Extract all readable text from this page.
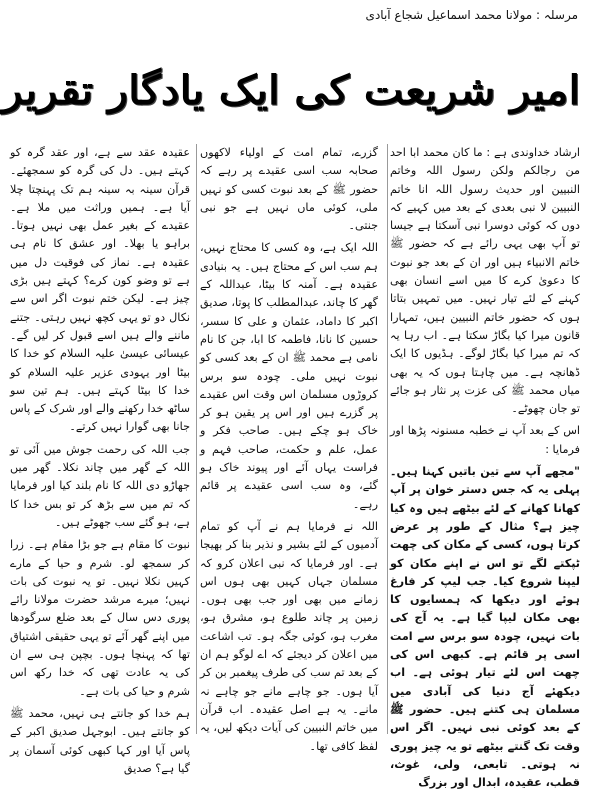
مرسلہ : مولانا محمد اسماعیل شجاع آبادی
امیر شریعت کی ایک یادگار تقریر

ارشاد خداوندی ہے : ما کان محمد ابا احد من رجالکم ولکن رسول اللہ وخاتم النبیین اور حدیث رسول اللہ انا خاتم النبیین لا نبی بعدی کے بعد میں کہیے کہ دوں کہ کوئی دوسرا نبی آسکتا ہے جیسا تو آپ بھی یہی رائے ہے کہ حضور ﷺ خاتم الانبیاء ہیں اور ان کے بعد جو نبوت کا دعویٰ کرے کا میں اسے انسان بھی کہنے کے لئے تیار نہیں۔ میں تمہیں بتاتا ہوں کہ حضور خاتم النبیین ہیں، تمہارا قانون میرا کیا بگاڑ سکتا ہے۔ اب رہا یہ کہ تم میرا کیا بگاڑ لوگے۔ ہڈیوں کا ایک ڈھانچہ ہے۔ میں چاہتا ہوں کہ یہ بھی میاں محمد ﷺ کی عزت پر نثار ہو جائے تو جان چھوٹے۔

اس کے بعد آپ نے خطبہ مسنونہ پڑھا اور فرمایا :

"مجھے آپ سے تین باتیں کہنا ہیں۔ پہلی یہ کہ جس دستر خوان پر آپ کھانا کھانے کے لئے بیٹھے ہیں وہ کیا چیز ہے؟ مثال کے طور پر عرض کرتا ہوں، کسی کے مکان کی چھت ٹپکتے لگے تو اس نے اپنے مکان کو لیپنا شروع کیا۔ جب لیپ کر فارغ ہوئے اور دیکھا کہ ہمسایوں کا بھی مکان لیپا گیا ہے۔ یہ آج کی بات نہیں، چودہ سو برس سے امت اسی پر قائم ہے۔ کبھی اس کی چھت اس لئے تیار ہوئی ہے۔ اب دیکھئے آج دنیا کی آبادی میں مسلمان ہی کتنے ہیں۔ حضور ﷺ کے بعد کوئی نبی نہیں۔ اگر اس وقت تک گنتے بیٹھے تو یہ چیز پوری نہ ہوتی۔ تابعی، ولی، غوث، قطب، عقیدہ، ابدال اور بزرگ

گزرے، تمام امت کے اولیاء لاکھوں صحابہ سب اسی عقیدے پر رہے کہ حضور ﷺ کے بعد نبوت کسی کو نہیں ملی، کوئی ماں نہیں ہے جو نبی جنتی۔

اللہ ایک ہے، وہ کسی کا محتاج نہیں، ہم سب اس کے محتاج ہیں۔ یہ بنیادی عقیدہ ہے۔ آمنہ کا بیٹا، عبداللہ کے گھر کا چاند، عبدالمطلب کا پوتا، صدیق اکبر کا داماد، عثمان و علی کا سسر، حسین کا نانا، فاطمہ کا ابا، جن کا نام نامی ہے محمد ﷺ ان کے بعد کسی کو نبوت نہیں ملی۔ چودہ سو برس کروڑوں مسلمان اس وقت اس عقیدے پر گزرے ہیں اور اس پر یقین ہو کر خاک ہو چکے ہیں۔ صاحب فکر و عمل، علم و حکمت، صاحب فہم و فراست یہاں آئے اور پیوند خاک ہو گئے، وہ سب اسی عقیدے پر قائم رہے۔

اللہ نے فرمایا ہم نے آپ کو تمام آدمیوں کے لئے بشیر و نذیر بنا کر بھیجا ہے۔ اور فرمایا کہ نبی اعلان کرو کہ مسلمان جہاں کہیں بھی ہوں اس زمانے میں بھی اور جب بھی ہوں۔ زمین پر چاند طلوع ہو، مشرق ہو، مغرب ہو، کوئی جگہ ہو۔ تب اشاعت میں اعلان کر دیجئے کہ اے لوگو ہم ان کے بعد تم سب کی طرف پیغمبر بن کر آیا ہوں۔ جو چاہے مانے جو چاہے نہ مانے۔ یہ ہے اصل عقیدہ۔ اب قرآن میں خاتم النبیین کی آیات دیکھ لیں، یہ لفظ کافی تھا۔

عقیدہ عقد سے ہے، اور عقد گرہ کو کہتے ہیں۔ دل کی گرہ کو سمجھئے۔ قرآن سینہ بہ سینہ ہم تک پہنچتا چلا آیا ہے۔ ہمیں وراثت میں ملا ہے۔ عقیدے کے بغیر عمل بھی نہیں ہوتا۔ براہو یا بھلا۔ اور عشق کا نام ہی عقیدہ ہے۔ نماز کی فوقیت دل میں ہے تو وضو کون کرے؟ کہتے ہیں بڑی چیز ہے۔ لیکن ختم نبوت اگر اس سے نکال دو تو یہی کچھ نہیں رہتی۔ جتنے ماننے والے ہیں اسے قبول کر لیں گے۔ عیسائی عیسیٰ علیہ السلام کو خدا کا بیٹا اور یہودی عزیر علیہ السلام کو خدا کا بیٹا کہتے ہیں۔ ہم تین سو ساٹھ خدا رکھنے والے اور شرک کے پاس جانا بھی گوارا نہیں کرتے۔

جب اللہ کی رحمت جوش میں آئی تو اللہ کے گھر میں چاند نکلا۔ گھر میں جھاڑو دی اللہ کا نام بلند کیا اور فرمایا کہ تم میں سے بڑھ کر تو بس خدا کا ہے، ہو گئے سب جھوٹے ہیں۔

نبوت کا مقام ہے جو بڑا مقام ہے۔ زرا کر سمجھ لو۔ شرم و حیا کے مارے کہیں نکلا نہیں۔ تو یہ نبوت کی بات نہیں؛ میرے مرشد حضرت مولانا رائے پوری دس سال کے بعد ضلع سرگودھا میں اپنے گھر آئے تو یہی حقیقی اشتیاق تھا کہ پہنچا ہوں۔ بچپن ہی سے ان کی یہ عادت تھی کہ خدا رکھ اس شرم و حیا کی بات ہے۔

ہم خدا کو جانتے ہی نہیں، محمد ﷺ کو جانتے ہیں۔ ابوجہل صدیق اکبر کے پاس آیا اور کہا کبھی کوئی آسمان پر گیا ہے؟ صدیق
